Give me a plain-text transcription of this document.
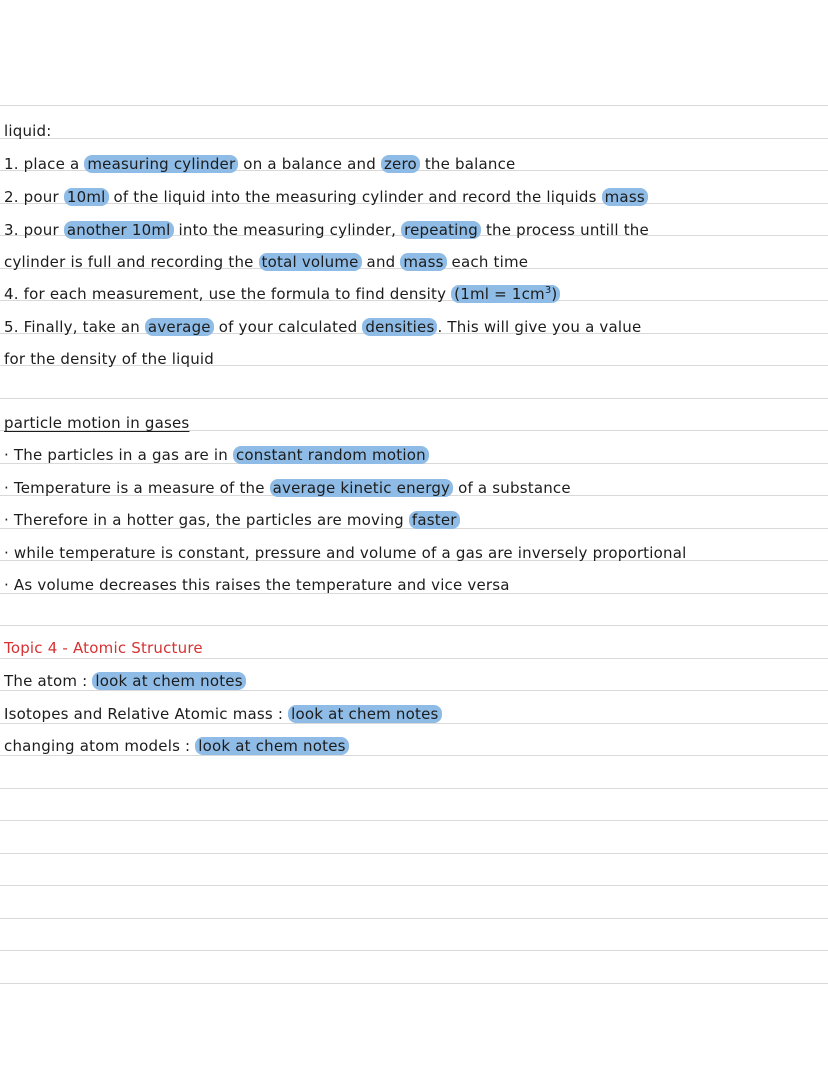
liquid:
1. place a measuring cylinder on a balance and zero the balance
2. pour 10ml of the liquid into the measuring cylinder and record the liquids mass
3. pour another 10ml into the measuring cylinder, repeating the process untill the
cylinder is full and recording the total volume and mass each time
4. for each measurement, use the formula to find density $(1ml = 1cm^3)$
5. Finally, take an average of your calculated densities . This will give you a value
for the density of the liquid
particle motion in gases
· The particles in a gas are in constant random motion
· Temperature is a measure of the average kinetic energy of a substance
· Therefore in a hotter gas, the particles are moving faster
· while temperature is constant, pressure and volume of a gas are inversely proportional
· As volume decreases this raises the temperature and vice versa
Topic 4 - Atomic Structure
The atom : look at chem notes
Isotopes and Relative Atomic mass : look at chem notes
changing atom models : look at chem notes
